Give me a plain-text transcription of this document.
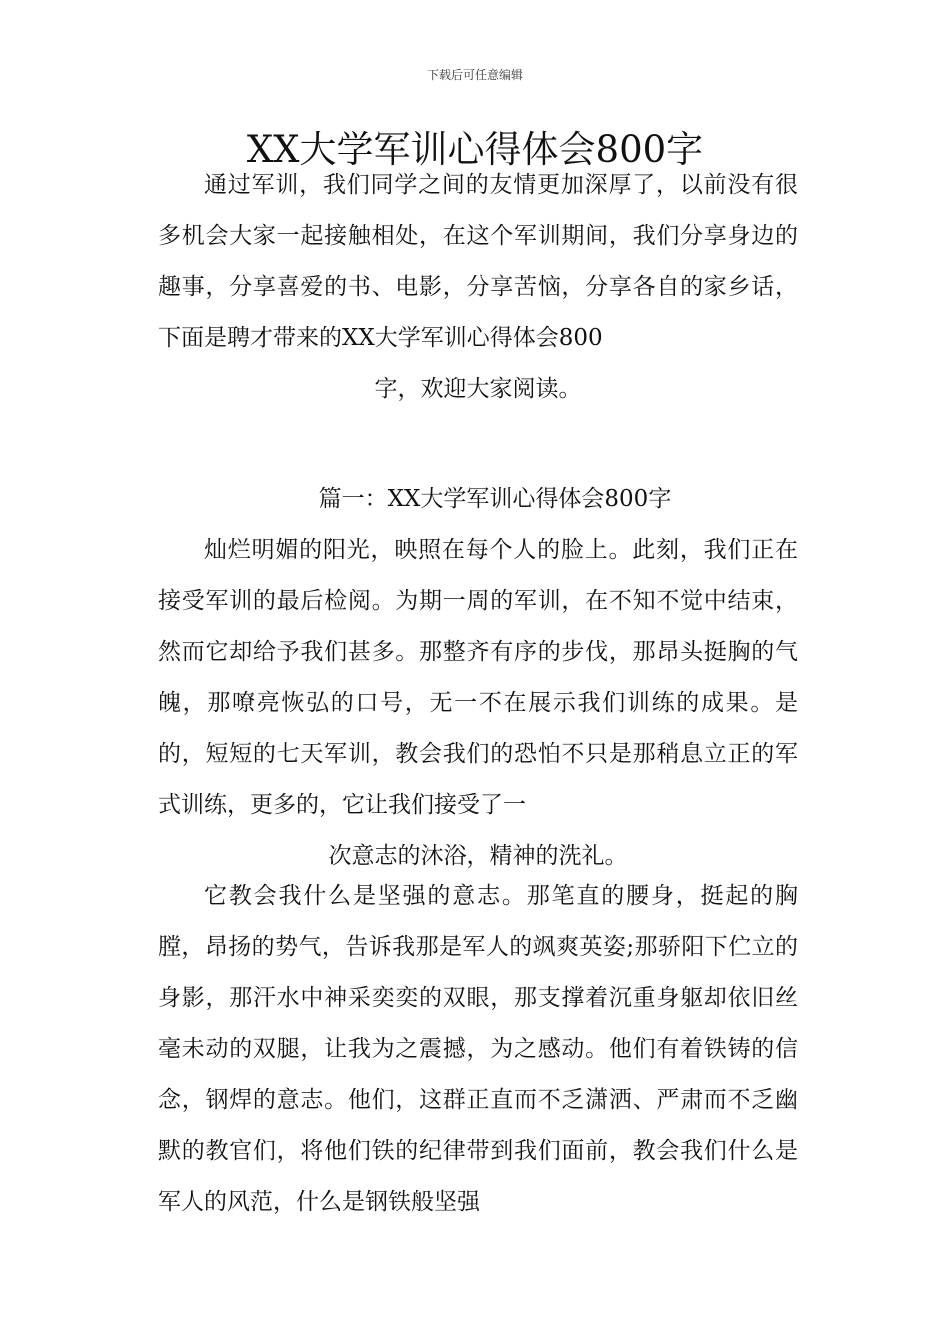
下载后可任意编辑
XX大学军训心得体会800字

通过军训，我们同学之间的友情更加深厚了，以前没有很多机会大家一起接触相处，在这个军训期间，我们分享身边的趣事，分享喜爱的书、电影，分享苦恼，分享各自的家乡话，下面是聘才带来的XX大学军训心得体会800
字，欢迎大家阅读。

篇一：XX大学军训心得体会800字

灿烂明媚的阳光，映照在每个人的脸上。此刻，我们正在接受军训的最后检阅。为期一周的军训，在不知不觉中结束，然而它却给予我们甚多。那整齐有序的步伐，那昂头挺胸的气魄，那嘹亮恢弘的口号，无一不在展示我们训练的成果。是的，短短的七天军训，教会我们的恐怕不只是那稍息立正的军式训练，更多的，它让我们接受了一
次意志的沐浴，精神的洗礼。

它教会我什么是坚强的意志。那笔直的腰身，挺起的胸膛，昂扬的势气，告诉我那是军人的飒爽英姿;那骄阳下伫立的身影，那汗水中神采奕奕的双眼，那支撑着沉重身躯却依旧丝毫未动的双腿，让我为之震撼，为之感动。他们有着铁铸的信念，钢焊的意志。他们，这群正直而不乏潇洒、严肃而不乏幽默的教官们，将他们铁的纪律带到我们面前，教会我们什么是军人的风范，什么是钢铁般坚强
